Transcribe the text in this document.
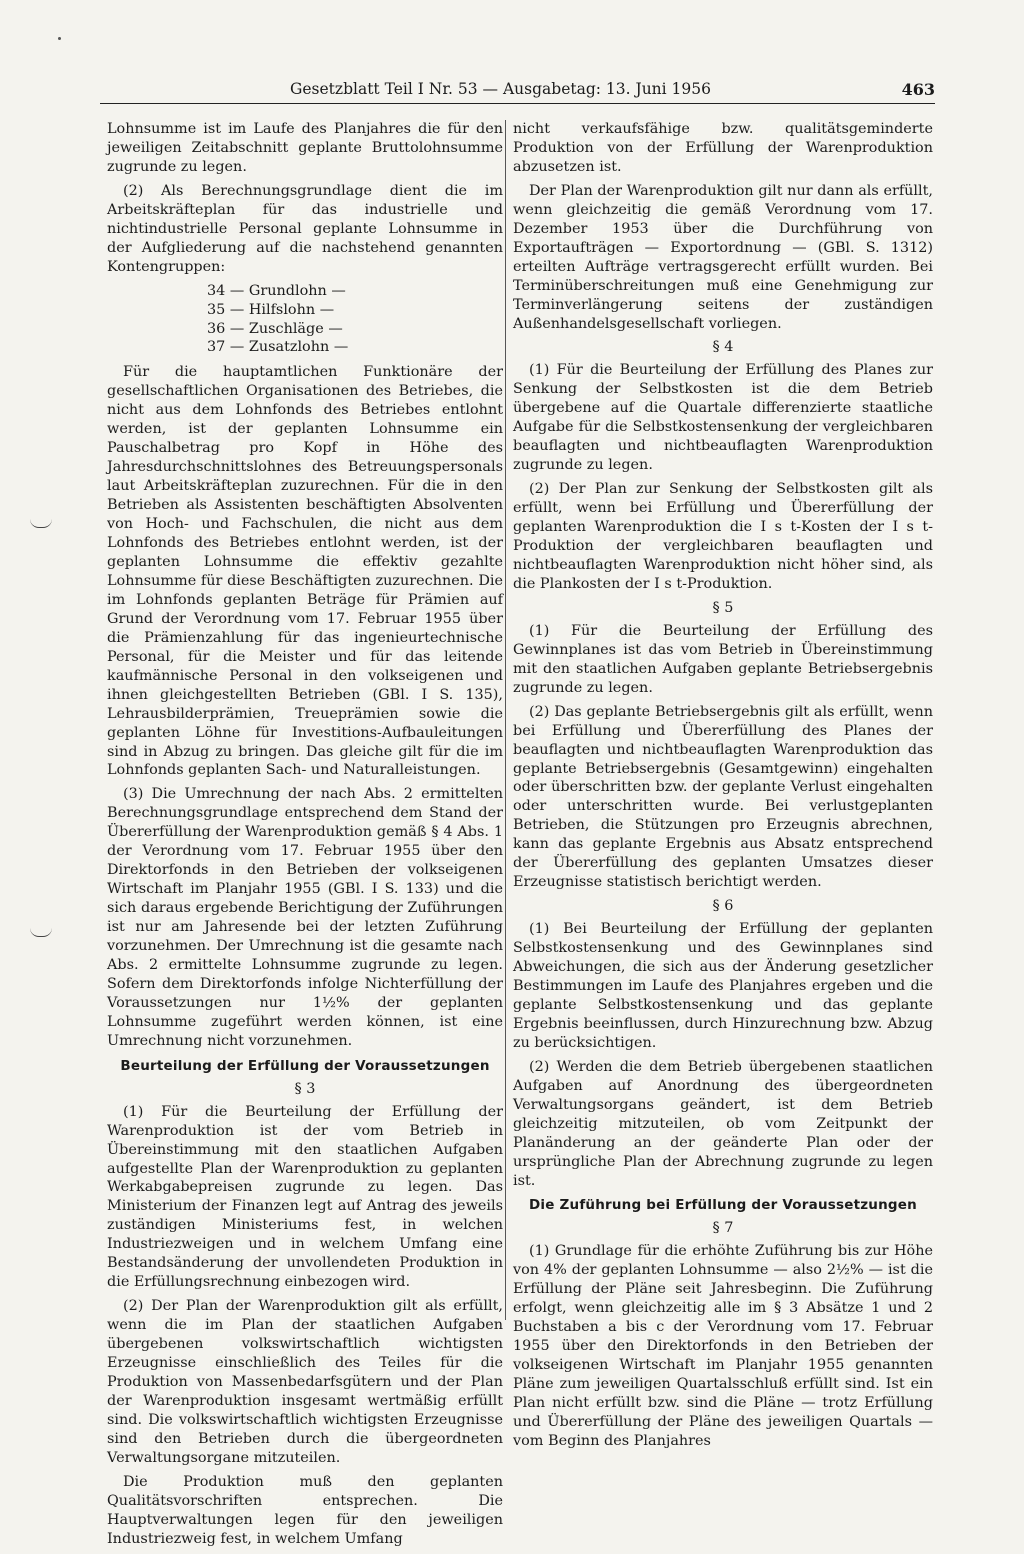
Gesetzblatt Teil I Nr. 53 — Ausgabetag: 13. Juni 1956	463

Lohnsumme ist im Laufe des Planjahres die für den jeweiligen Zeitabschnitt geplante Bruttolohnsumme zugrunde zu legen.

(2) Als Berechnungsgrundlage dient die im Arbeitskräfteplan für das industrielle und nichtindustrielle Personal geplante Lohnsumme in der Aufgliederung auf die nachstehend genannten Kontengruppen:

34 — Grundlohn —
35 — Hilfslohn —
36 — Zuschläge —
37 — Zusatzlohn —

Für die hauptamtlichen Funktionäre der gesellschaftlichen Organisationen des Betriebes, die nicht aus dem Lohnfonds des Betriebes entlohnt werden, ist der geplanten Lohnsumme ein Pauschalbetrag pro Kopf in Höhe des Jahresdurchschnittslohnes des Betreuungspersonals laut Arbeitskräfteplan zuzurechnen. Für die in den Betrieben als Assistenten beschäftigten Absolventen von Hoch- und Fachschulen, die nicht aus dem Lohnfonds des Betriebes entlohnt werden, ist der geplanten Lohnsumme die effektiv gezahlte Lohnsumme für diese Beschäftigten zuzurechnen. Die im Lohnfonds geplanten Beträge für Prämien auf Grund der Verordnung vom 17. Februar 1955 über die Prämienzahlung für das ingenieurtechnische Personal, für die Meister und für das leitende kaufmännische Personal in den volkseigenen und ihnen gleichgestellten Betrieben (GBl. I S. 135), Lehrausbilderprämien, Treueprämien sowie die geplanten Löhne für Investitions-Aufbauleitungen sind in Abzug zu bringen. Das gleiche gilt für die im Lohnfonds geplanten Sach- und Naturalleistungen.

(3) Die Umrechnung der nach Abs. 2 ermittelten Berechnungsgrundlage entsprechend dem Stand der Übererfüllung der Warenproduktion gemäß § 4 Abs. 1 der Verordnung vom 17. Februar 1955 über den Direktorfonds in den Betrieben der volkseigenen Wirtschaft im Planjahr 1955 (GBl. I S. 133) und die sich daraus ergebende Berichtigung der Zuführungen ist nur am Jahresende bei der letzten Zuführung vorzunehmen. Der Umrechnung ist die gesamte nach Abs. 2 ermittelte Lohnsumme zugrunde zu legen. Sofern dem Direktorfonds infolge Nichterfüllung der Voraussetzungen nur 1½% der geplanten Lohnsumme zugeführt werden können, ist eine Umrechnung nicht vorzunehmen.

Beurteilung der Erfüllung der Voraussetzungen
§ 3

(1) Für die Beurteilung der Erfüllung der Warenproduktion ist der vom Betrieb in Übereinstimmung mit den staatlichen Aufgaben aufgestellte Plan der Warenproduktion zu geplanten Werkabgabepreisen zugrunde zu legen. Das Ministerium der Finanzen legt auf Antrag des jeweils zuständigen Ministeriums fest, in welchen Industriezweigen und in welchem Umfang eine Bestandsänderung der unvollendeten Produktion in die Erfüllungsrechnung einbezogen wird.

(2) Der Plan der Warenproduktion gilt als erfüllt, wenn die im Plan der staatlichen Aufgaben übergebenen volkswirtschaftlich wichtigsten Erzeugnisse einschließlich des Teiles für die Produktion von Massenbedarfsgütern und der Plan der Warenproduktion insgesamt wertmäßig erfüllt sind. Die volkswirtschaftlich wichtigsten Erzeugnisse sind den Betrieben durch die übergeordneten Verwaltungsorgane mitzuteilen.

Die Produktion muß den geplanten Qualitätsvorschriften entsprechen. Die Hauptverwaltungen legen für den jeweiligen Industriezweig fest, in welchem Umfang

nicht verkaufsfähige bzw. qualitätsgeminderte Produktion von der Erfüllung der Warenproduktion abzusetzen ist.

Der Plan der Warenproduktion gilt nur dann als erfüllt, wenn gleichzeitig die gemäß Verordnung vom 17. Dezember 1953 über die Durchführung von Exportaufträgen — Exportordnung — (GBl. S. 1312) erteilten Aufträge vertragsgerecht erfüllt wurden. Bei Terminüberschreitungen muß eine Genehmigung zur Terminverlängerung seitens der zuständigen Außenhandelsgesellschaft vorliegen.

§ 4

(1) Für die Beurteilung der Erfüllung des Planes zur Senkung der Selbstkosten ist die dem Betrieb übergebene auf die Quartale differenzierte staatliche Aufgabe für die Selbstkostensenkung der vergleichbaren beauflagten und nichtbeauflagten Warenproduktion zugrunde zu legen.

(2) Der Plan zur Senkung der Selbstkosten gilt als erfüllt, wenn bei Erfüllung und Übererfüllung der geplanten Warenproduktion die I s t-Kosten der I s t-Produktion der vergleichbaren beauflagten und nichtbeauflagten Warenproduktion nicht höher sind, als die Plankosten der I s t-Produktion.

§ 5

(1) Für die Beurteilung der Erfüllung des Gewinnplanes ist das vom Betrieb in Übereinstimmung mit den staatlichen Aufgaben geplante Betriebsergebnis zugrunde zu legen.

(2) Das geplante Betriebsergebnis gilt als erfüllt, wenn bei Erfüllung und Übererfüllung des Planes der beauflagten und nichtbeauflagten Warenproduktion das geplante Betriebsergebnis (Gesamtgewinn) eingehalten oder überschritten bzw. der geplante Verlust eingehalten oder unterschritten wurde. Bei verlustgeplanten Betrieben, die Stützungen pro Erzeugnis abrechnen, kann das geplante Ergebnis aus Absatz entsprechend der Übererfüllung des geplanten Umsatzes dieser Erzeugnisse statistisch berichtigt werden.

§ 6

(1) Bei Beurteilung der Erfüllung der geplanten Selbstkostensenkung und des Gewinnplanes sind Abweichungen, die sich aus der Änderung gesetzlicher Bestimmungen im Laufe des Planjahres ergeben und die geplante Selbstkostensenkung und das geplante Ergebnis beeinflussen, durch Hinzurechnung bzw. Abzug zu berücksichtigen.

(2) Werden die dem Betrieb übergebenen staatlichen Aufgaben auf Anordnung des übergeordneten Verwaltungsorgans geändert, ist dem Betrieb gleichzeitig mitzuteilen, ob vom Zeitpunkt der Planänderung an der geänderte Plan oder der ursprüngliche Plan der Abrechnung zugrunde zu legen ist.

Die Zuführung bei Erfüllung der Voraussetzungen
§ 7

(1) Grundlage für die erhöhte Zuführung bis zur Höhe von 4% der geplanten Lohnsumme — also 2½% — ist die Erfüllung der Pläne seit Jahresbeginn. Die Zuführung erfolgt, wenn gleichzeitig alle im § 3 Absätze 1 und 2 Buchstaben a bis c der Verordnung vom 17. Februar 1955 über den Direktorfonds in den Betrieben der volkseigenen Wirtschaft im Planjahr 1955 genannten Pläne zum jeweiligen Quartalsschluß erfüllt sind. Ist ein Plan nicht erfüllt bzw. sind die Pläne — trotz Erfüllung und Übererfüllung der Pläne des jeweiligen Quartals — vom Beginn des Planjahres
